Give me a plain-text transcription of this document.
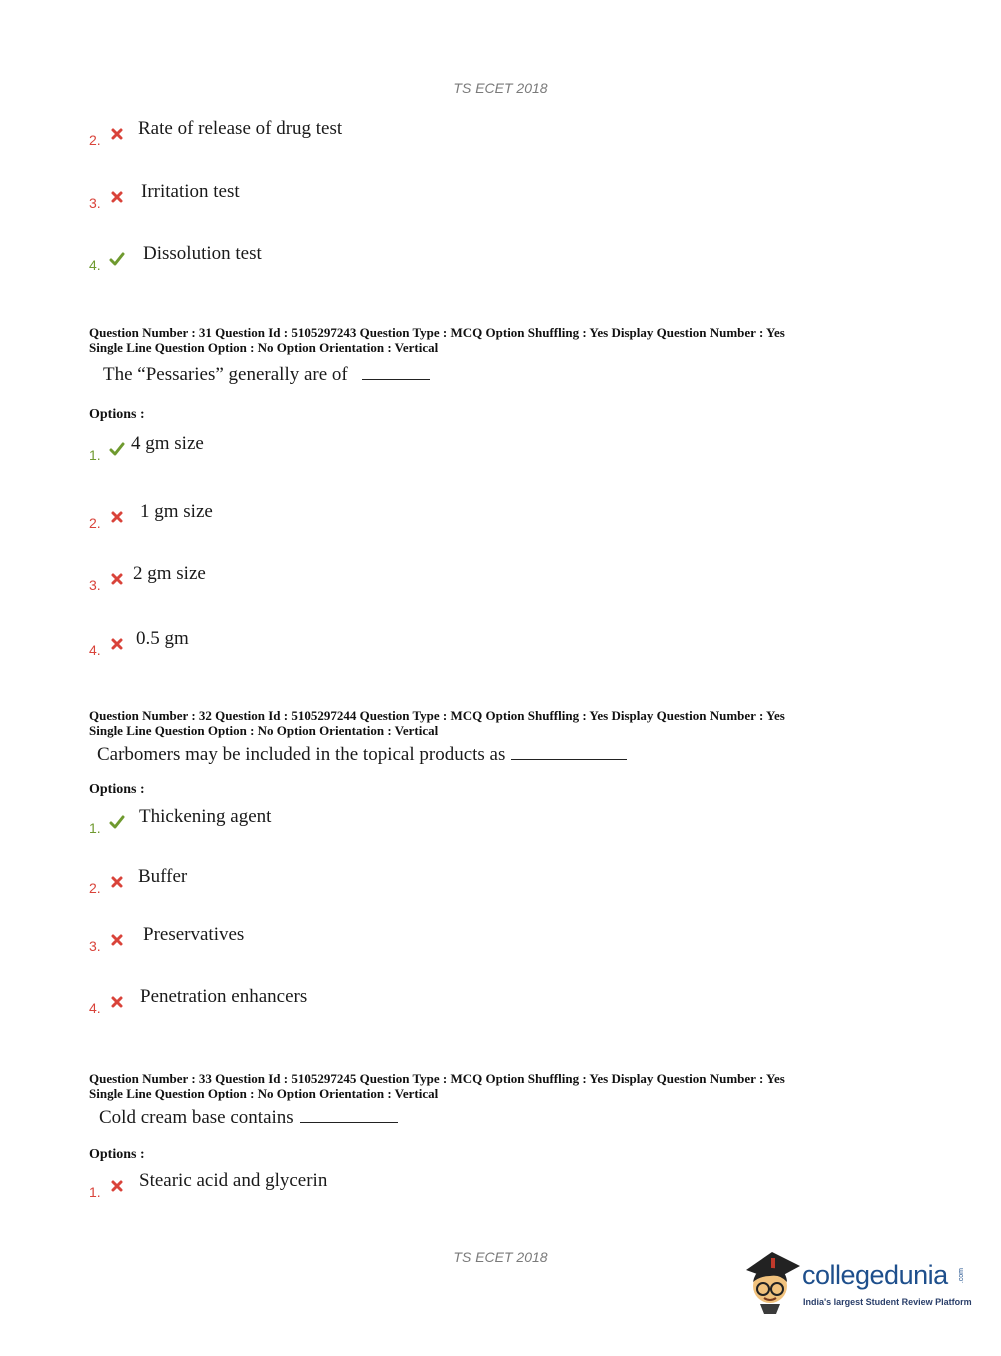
TS ECET 2018
TS ECET 2018
2.
Rate of release of drug test
3.
Irritation test
4.
Dissolution test
Question Number : 31 Question Id : 5105297243 Question Type : MCQ Option Shuffling : Yes Display Question Number : Yes
Single Line Question Option : No Option Orientation : Vertical
The “Pessaries” generally are of
Options :
1.
4 gm size
2.
1 gm size
3.
2 gm size
4.
0.5 gm
Question Number : 32 Question Id : 5105297244 Question Type : MCQ Option Shuffling : Yes Display Question Number : Yes
Single Line Question Option : No Option Orientation : Vertical
Carbomers may be included in the topical products as
Options :
1.
Thickening agent
2.
Buffer
3.
Preservatives
4.
Penetration enhancers
Question Number : 33 Question Id : 5105297245 Question Type : MCQ Option Shuffling : Yes Display Question Number : Yes
Single Line Question Option : No Option Orientation : Vertical
Cold cream base contains
Options :
1.
Stearic acid and glycerin
collegedunia .com
India's largest Student Review Platform
